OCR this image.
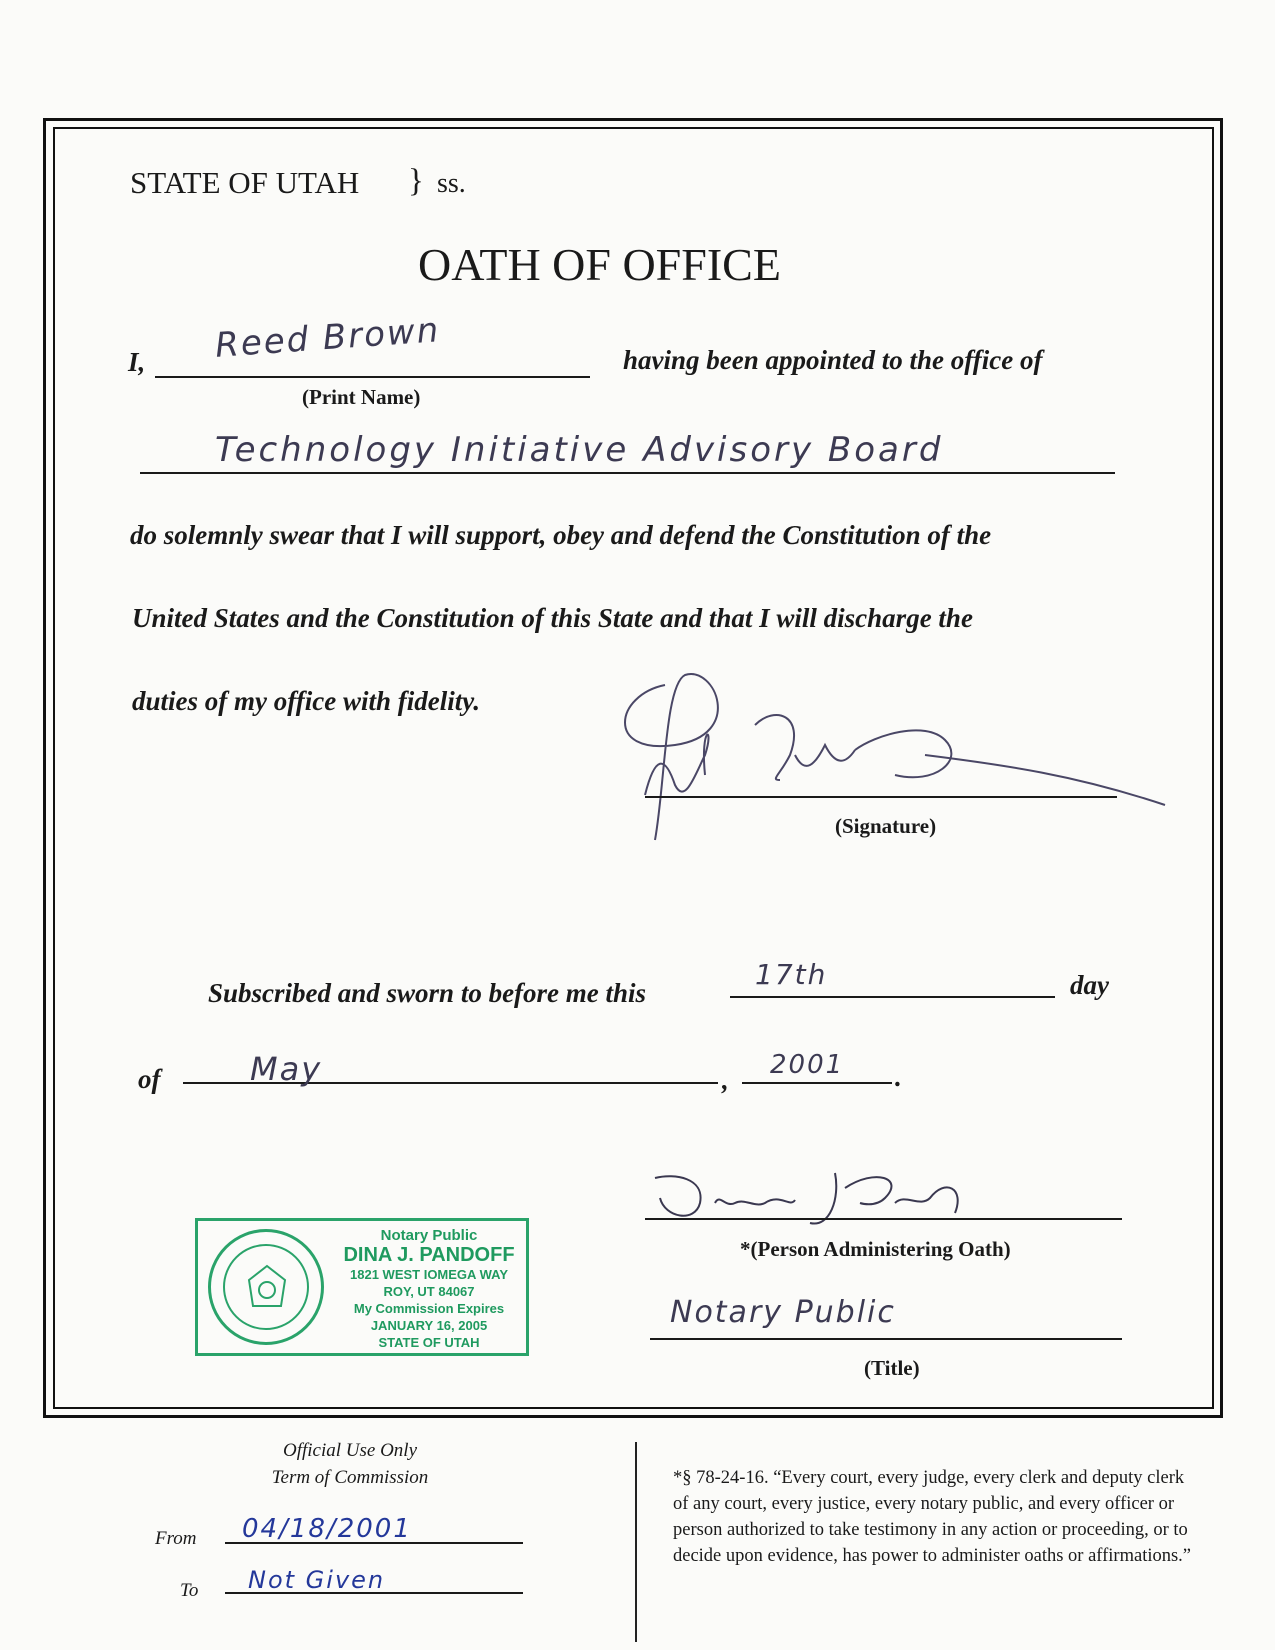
STATE OF UTAH } ss.
OATH OF OFFICE
I, Reed Brown
(Print Name)
having been appointed to the office of
Technology Initiative Advisory Board
do solemnly swear that I will support, obey and defend the Constitution of the
United States and the Constitution of this State and that I will discharge the
duties of my office with fidelity.
(Signature)
Subscribed and sworn to before me this
17th	day
of	May	, 2001 .
*(Person Administering Oath)
Notary Public
(Title)
Notary Public
DINA J. PANDOFF
1821 WEST IOMEGA WAY
ROY, UT 84067
My Commission Expires
JANUARY 16, 2005
STATE OF UTAH
Official Use Only
Term of Commission
From 04/18/2001
To Not Given
*§ 78-24-16. “Every court, every judge, every clerk and deputy clerk of any court, every justice, every notary public, and every officer or person authorized to take testimony in any action or proceeding, or to decide upon evidence, has power to administer oaths or affirmations.”
